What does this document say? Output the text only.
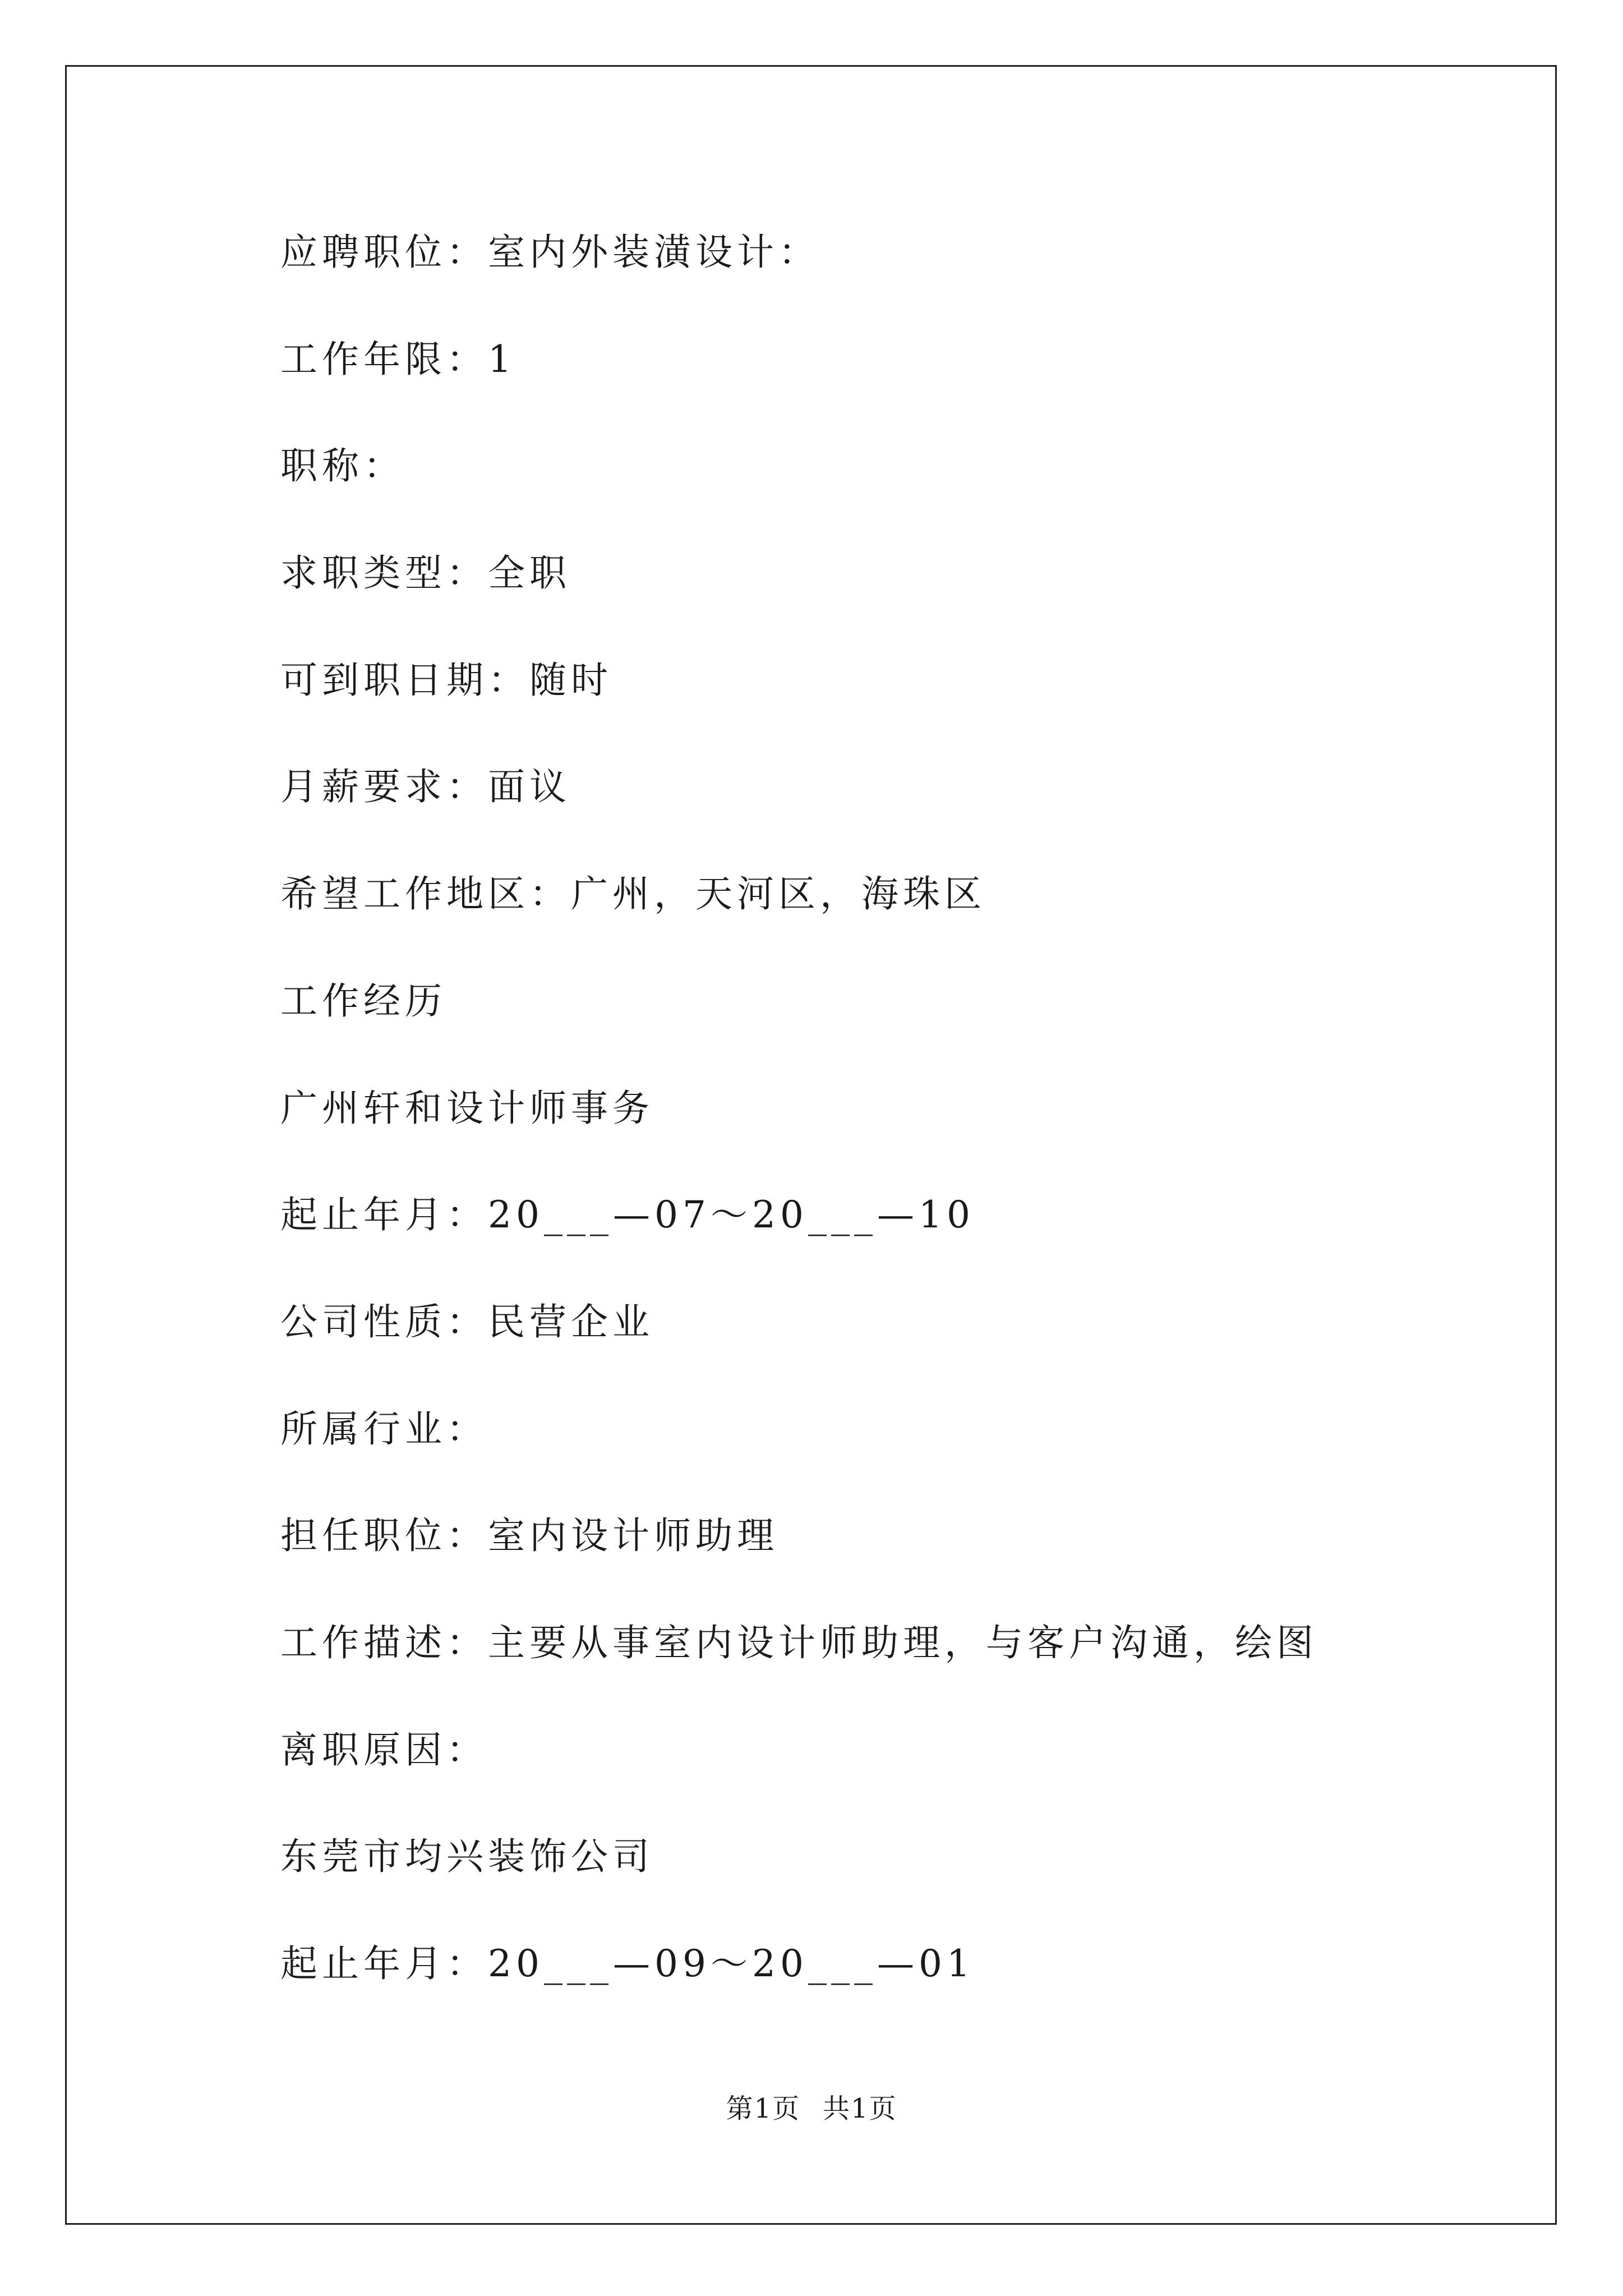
应聘职位：室内外装潢设计：
工作年限：1
职称：
求职类型：全职
可到职日期：随时
月薪要求：面议
希望工作地区：广州，天河区，海珠区
工作经历
广州轩和设计师事务
起止年月：20___—07～20___—10
公司性质：民营企业
所属行业：
担任职位：室内设计师助理
工作描述：主要从事室内设计师助理，与客户沟通，绘图
离职原因：
东莞市均兴装饰公司
起止年月：20___—09～20___—01
第1页 共1页
